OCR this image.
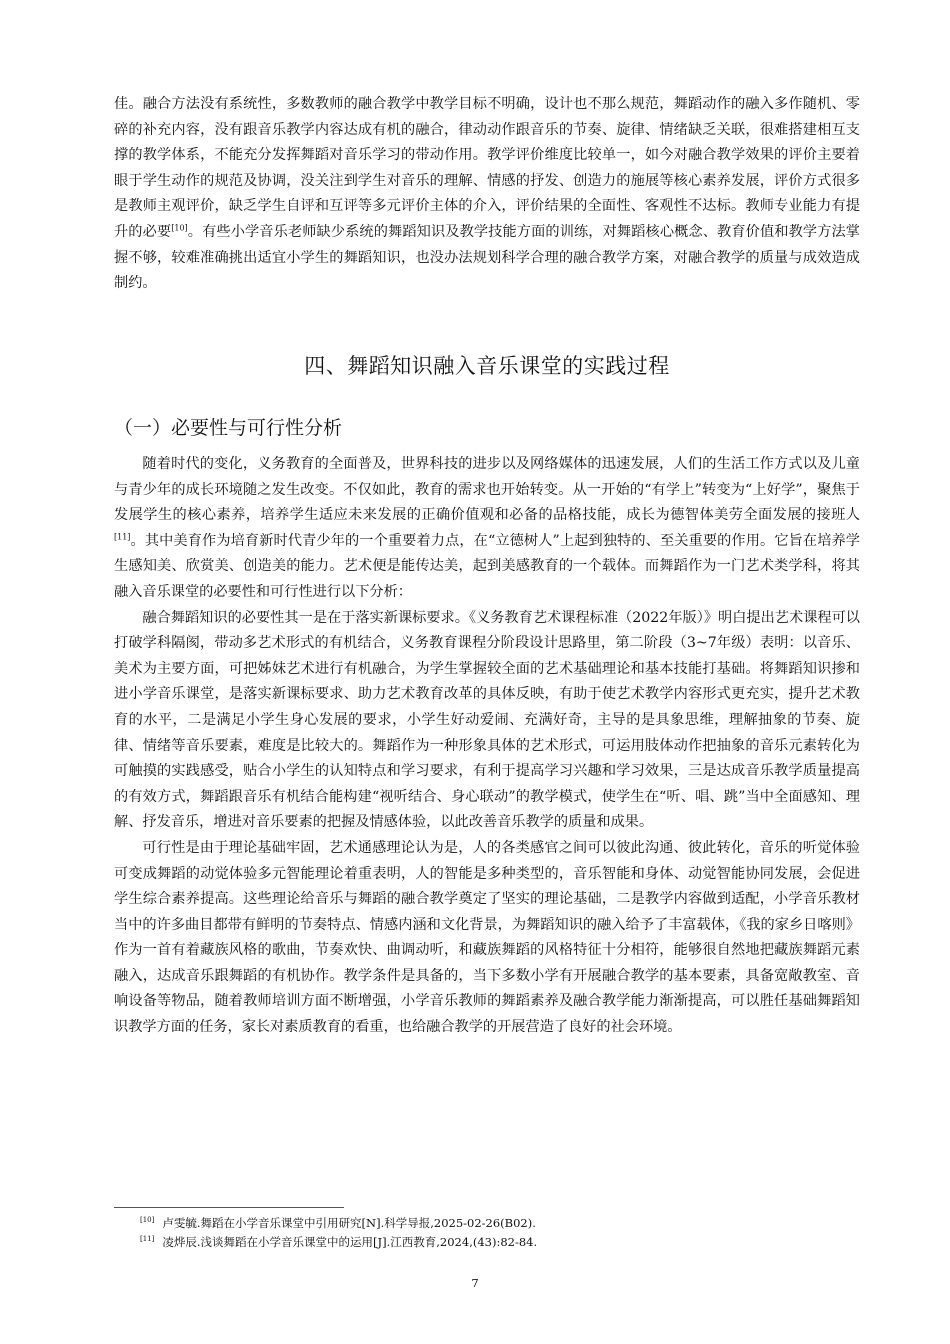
佳。融合方法没有系统性，多数教师的融合教学中教学目标不明确，设计也不那么规范，舞蹈动作的融入多作随机、零碎的补充内容，没有跟音乐教学内容达成有机的融合，律动动作跟音乐的节奏、旋律、情绪缺乏关联，很难搭建相互支撑的教学体系，不能充分发挥舞蹈对音乐学习的带动作用。教学评价维度比较单一，如今对融合教学效果的评价主要着眼于学生动作的规范及协调，没关注到学生对音乐的理解、情感的抒发、创造力的施展等核心素养发展，评价方式很多是教师主观评价，缺乏学生自评和互评等多元评价主体的介入，评价结果的全面性、客观性不达标。教师专业能力有提升的必要[10]。有些小学音乐老师缺少系统的舞蹈知识及教学技能方面的训练，对舞蹈核心概念、教育价值和教学方法掌握不够，较难准确挑出适宜小学生的舞蹈知识，也没办法规划科学合理的融合教学方案，对融合教学的质量与成效造成制约。

四、舞蹈知识融入音乐课堂的实践过程
（一）必要性与可行性分析

随着时代的变化，义务教育的全面普及，世界科技的进步以及网络媒体的迅速发展，人们的生活工作方式以及儿童与青少年的成长环境随之发生改变。不仅如此，教育的需求也开始转变。从一开始的“有学上”转变为“上好学”，聚焦于发展学生的核心素养，培养学生适应未来发展的正确价值观和必备的品格技能，成长为德智体美劳全面发展的接班人[11]。其中美育作为培育新时代青少年的一个重要着力点，在“立德树人”上起到独特的、至关重要的作用。它旨在培养学生感知美、欣赏美、创造美的能力。艺术便是能传达美，起到美感教育的一个载体。而舞蹈作为一门艺术类学科，将其融入音乐课堂的必要性和可行性进行以下分析：

融合舞蹈知识的必要性其一是在于落实新课标要求。《义务教育艺术课程标准（2022年版）》明白提出艺术课程可以打破学科隔阂，带动多艺术形式的有机结合，义务教育课程分阶段设计思路里，第二阶段（3~7年级）表明：以音乐、美术为主要方面，可把姊妹艺术进行有机融合，为学生掌握较全面的艺术基础理论和基本技能打基础。将舞蹈知识掺和进小学音乐课堂，是落实新课标要求、助力艺术教育改革的具体反映，有助于使艺术教学内容形式更充实，提升艺术教育的水平，二是满足小学生身心发展的要求，小学生好动爱闹、充满好奇，主导的是具象思维，理解抽象的节奏、旋律、情绪等音乐要素，难度是比较大的。舞蹈作为一种形象具体的艺术形式，可运用肢体动作把抽象的音乐元素转化为可触摸的实践感受，贴合小学生的认知特点和学习要求，有利于提高学习兴趣和学习效果，三是达成音乐教学质量提高的有效方式，舞蹈跟音乐有机结合能构建“视听结合、身心联动”的教学模式，使学生在“听、唱、跳”当中全面感知、理解、抒发音乐，增进对音乐要素的把握及情感体验，以此改善音乐教学的质量和成果。

可行性是由于理论基础牢固，艺术通感理论认为是，人的各类感官之间可以彼此沟通、彼此转化，音乐的听觉体验可变成舞蹈的动觉体验多元智能理论着重表明，人的智能是多种类型的，音乐智能和身体、动觉智能协同发展，会促进学生综合素养提高。这些理论给音乐与舞蹈的融合教学奠定了坚实的理论基础，二是教学内容做到适配，小学音乐教材当中的许多曲目都带有鲜明的节奏特点、情感内涵和文化背景，为舞蹈知识的融入给予了丰富载体，《我的家乡日喀则》作为一首有着藏族风格的歌曲，节奏欢快、曲调动听，和藏族舞蹈的风格特征十分相符，能够很自然地把藏族舞蹈元素融入，达成音乐跟舞蹈的有机协作。教学条件是具备的，当下多数小学有开展融合教学的基本要素，具备宽敞教室、音响设备等物品，随着教师培训方面不断增强，小学音乐教师的舞蹈素养及融合教学能力渐渐提高，可以胜任基础舞蹈知识教学方面的任务，家长对素质教育的看重，也给融合教学的开展营造了良好的社会环境。

[10] 卢雯毓.舞蹈在小学音乐课堂中引用研究[N].科学导报,2025-02-26(B02).
[11] 凌烨辰.浅谈舞蹈在小学音乐课堂中的运用[J].江西教育,2024,(43):82-84.
7
